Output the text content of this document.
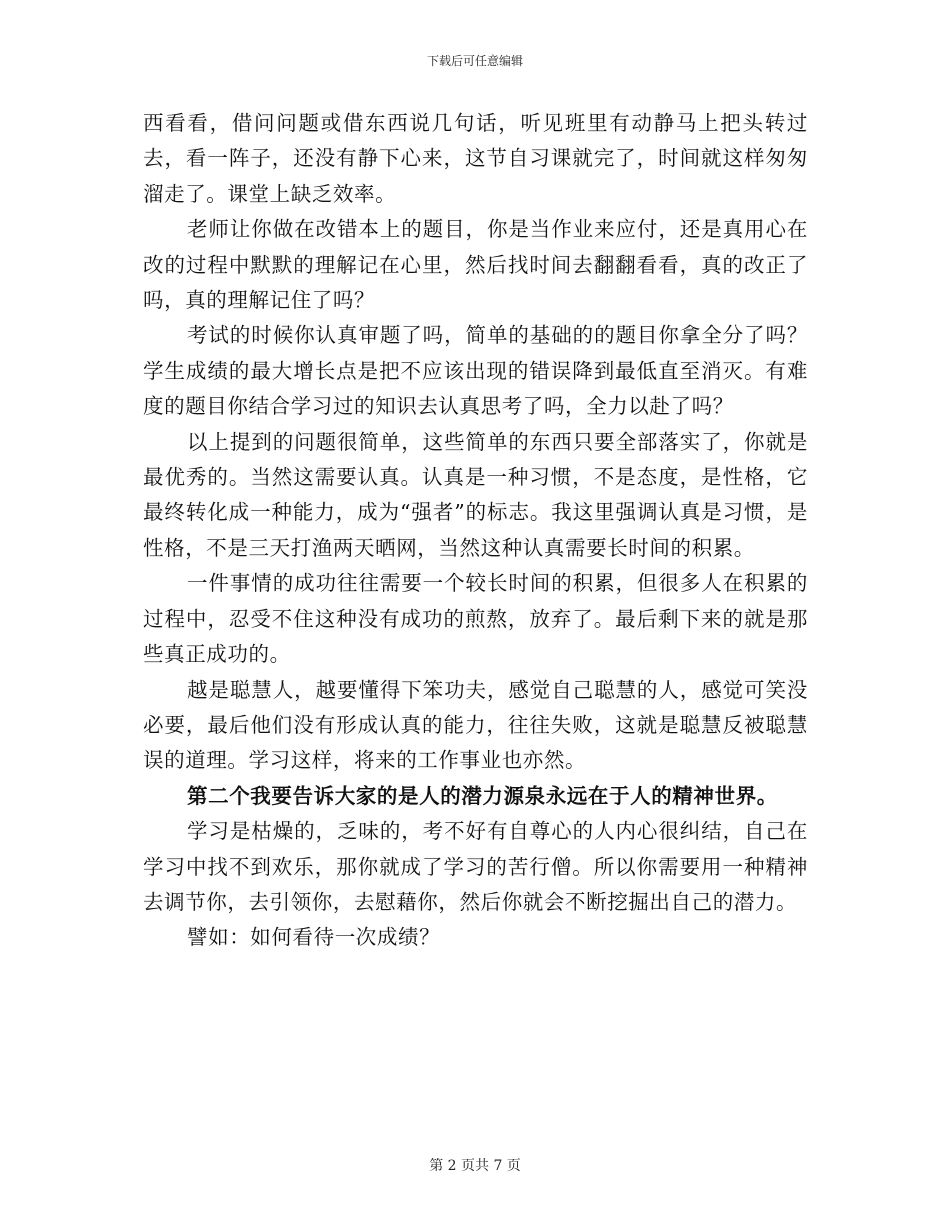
下载后可任意编辑

西看看，借问问题或借东西说几句话，听见班里有动静马上把头转过去，看一阵子，还没有静下心来，这节自习课就完了，时间就这样匆匆溜走了。课堂上缺乏效率。

老师让你做在改错本上的题目，你是当作业来应付，还是真用心在改的过程中默默的理解记在心里，然后找时间去翻翻看看，真的改正了吗，真的理解记住了吗？

考试的时候你认真审题了吗，简单的基础的的题目你拿全分了吗？学生成绩的最大增长点是把不应该出现的错误降到最低直至消灭。有难度的题目你结合学习过的知识去认真思考了吗，全力以赴了吗？

以上提到的问题很简单，这些简单的东西只要全部落实了，你就是最优秀的。当然这需要认真。认真是一种习惯，不是态度，是性格，它最终转化成一种能力，成为“强者”的标志。我这里强调认真是习惯，是性格，不是三天打渔两天晒网，当然这种认真需要长时间的积累。

一件事情的成功往往需要一个较长时间的积累，但很多人在积累的过程中，忍受不住这种没有成功的煎熬，放弃了。最后剩下来的就是那些真正成功的。

越是聪慧人，越要懂得下笨功夫，感觉自己聪慧的人，感觉可笑没必要，最后他们没有形成认真的能力，往往失败，这就是聪慧反被聪慧误的道理。学习这样，将来的工作事业也亦然。

第二个我要告诉大家的是人的潜力源泉永远在于人的精神世界。

学习是枯燥的，乏味的，考不好有自尊心的人内心很纠结，自己在学习中找不到欢乐，那你就成了学习的苦行僧。所以你需要用一种精神去调节你，去引领你，去慰藉你，然后你就会不断挖掘出自己的潜力。

譬如：如何看待一次成绩？

第 2 页共 7 页
